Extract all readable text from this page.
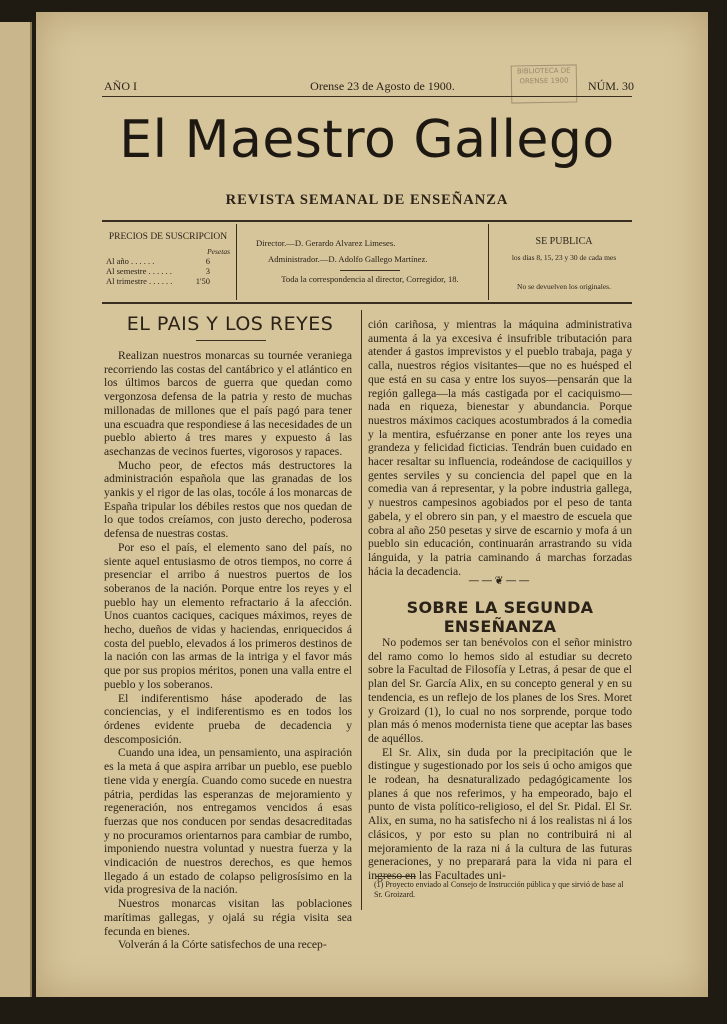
AÑO I	Orense 23 de Agosto de 1900.	NÚM. 30
BIBLIOTECA DE ORENSE 1900
El Maestro Gallego
REVISTA SEMANAL DE ENSEÑANZA
PRECIOS DE SUSCRIPCION
Pesetas
Al año . . . . . .	6
Al semestre . . . . . .	3
Al trimestre . . . . . .	1'50
Director.—D. Gerardo Alvarez Limeses.
Administrador.—D. Adolfo Gallego Martínez.
Toda la correspondencia al director, Corregidor, 18.
SE PUBLICA
los días 8, 15, 23 y 30 de cada mes
No se devuelven los originales.
EL PAIS Y LOS REYES

Realizan nuestros monarcas su tournée veraniega recorriendo las costas del cantábrico y el atlántico en los últimos barcos de guerra que quedan como vergonzosa defensa de la patria y resto de muchas millonadas de millones que el país pagó para tener una escuadra que respondiese á las necesidades de un pueblo abierto á tres mares y expuesto á las asechanzas de vecinos fuertes, vigorosos y rapaces.

Mucho peor, de efectos más destructores la administración española que las granadas de los yankis y el rigor de las olas, tocóle á los monarcas de España tripular los débiles restos que nos quedan de lo que todos creíamos, con justo derecho, poderosa defensa de nuestras costas.

Por eso el país, el elemento sano del país, no siente aquel entusiasmo de otros tiempos, no corre á presenciar el arribo á nuestros puertos de los soberanos de la nación. Porque entre los reyes y el pueblo hay un elemento refractario á la afección. Unos cuantos caciques, caciques máximos, reyes de hecho, dueños de vidas y haciendas, enriquecidos á costa del pueblo, elevados á los primeros destinos de la nación con las armas de la intriga y el favor más que por sus propios méritos, ponen una valla entre el pueblo y los soberanos.

El indiferentismo háse apoderado de las conciencias, y el indiferentismo es en todos los órdenes evidente prueba de decadencia y descomposición.

Cuando una idea, un pensamiento, una aspiración es la meta á que aspira arribar un pueblo, ese pueblo tiene vida y energía. Cuando como sucede en nuestra pátria, perdidas las esperanzas de mejoramiento y regeneración, nos entregamos vencidos á esas fuerzas que nos conducen por sendas desacreditadas y no procuramos orientarnos para cambiar de rumbo, imponiendo nuestra voluntad y nuestra fuerza y la vindicación de nuestros derechos, es que hemos llegado á un estado de colapso peligrosísimo en la vida progresiva de la nación.

Nuestros monarcas visitan las poblaciones marítimas gallegas, y ojalá su régia visita sea fecunda en bienes.

Volverán á la Córte satisfechos de una recep-

ción cariñosa, y mientras la máquina administrativa aumenta á la ya excesiva é insufrible tributación para atender á gastos imprevistos y el pueblo trabaja, paga y calla, nuestros régios visitantes—que no es huésped el que está en su casa y entre los suyos—pensarán que la región gallega—la más castigada por el caciquismo—nada en riqueza, bienestar y abundancia. Porque nuestros máximos caciques acostumbrados á la comedia y la mentira, esfuérzanse en poner ante los reyes una grandeza y felicidad ficticias. Tendrán buen cuidado en hacer resaltar su influencia, rodeándose de caciquillos y gentes serviles y su conciencia del papel que en la comedia van á representar, y la pobre industria gallega, y nuestros campesinos agobiados por el peso de tanta gabela, y el obrero sin pan, y el maestro de escuela que cobra al año 250 pesetas y sirve de escarnio y mofa á un pueblo sin educación, continuarán arrastrando su vida lánguida, y la patria caminando á marchas forzadas hácia la decadencia.

——❦——
SOBRE LA SEGUNDA ENSEÑANZA

No podemos ser tan benévolos con el señor ministro del ramo como lo hemos sido al estudiar su decreto sobre la Facultad de Filosofía y Letras, á pesar de que el plan del Sr. García Alix, en su concepto general y en su tendencia, es un reflejo de los planes de los Sres. Moret y Groizard (1), lo cual no nos sorprende, porque todo plan más ó menos modernista tiene que aceptar las bases de aquéllos.

El Sr. Alix, sin duda por la precipitación que le distingue y sugestionado por los seis ú ocho amigos que le rodean, ha desnaturalizado pedagógicamente los planes á que nos referimos, y ha empeorado, bajo el punto de vista político-religioso, el del Sr. Pidal. El Sr. Alix, en suma, no ha satisfecho ni á los realistas ni á los clásicos, y por esto su plan no contribuirá ni al mejoramiento de la raza ni á la cultura de las futuras generaciones, y no preparará para la vida ni para el ingreso en las Facultades uni-

(1) Proyecto enviado al Consejo de Instrucción pública y que sirvió de base al Sr. Groizard.
